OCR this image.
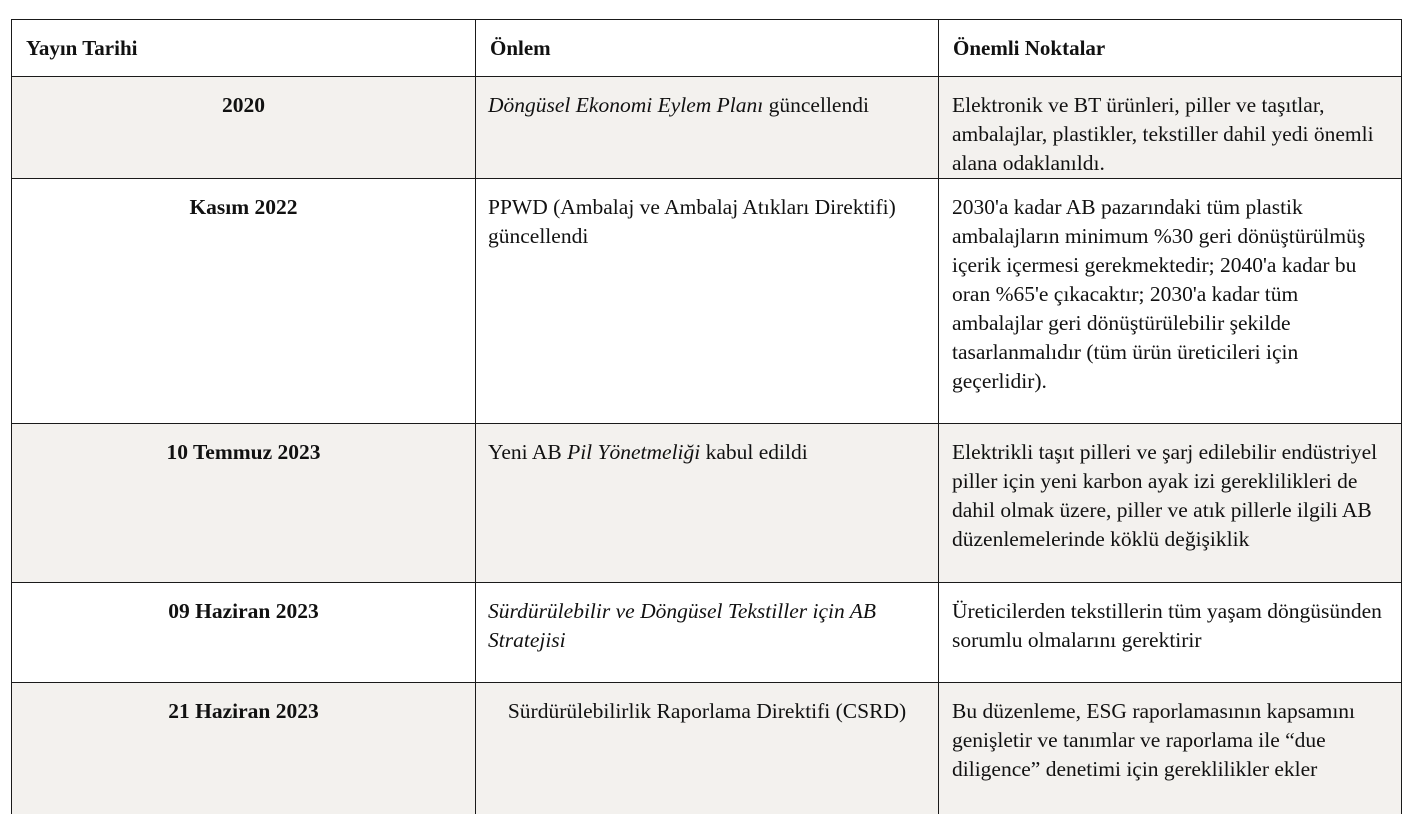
Yayın Tarihi	Önlem	Önemli Noktalar
2020	Döngüsel Ekonomi Eylem Planı güncellendi	Elektronik ve BT ürünleri, piller ve taşıtlar, ambalajlar, plastikler, tekstiller dahil yedi önemli alana odaklanıldı.
Kasım 2022	PPWD (Ambalaj ve Ambalaj Atıkları Direktifi) güncellendi	2030'a kadar AB pazarındaki tüm plastik ambalajların minimum %30 geri dönüştürülmüş içerik içermesi gerekmektedir; 2040'a kadar bu oran %65'e çıkacaktır; 2030'a kadar tüm ambalajlar geri dönüştürülebilir şekilde tasarlanmalıdır (tüm ürün üreticileri için geçerlidir).
10 Temmuz 2023	Yeni AB Pil Yönetmeliği kabul edildi	Elektrikli taşıt pilleri ve şarj edilebilir endüstriyel piller için yeni karbon ayak izi gereklilikleri de dahil olmak üzere, piller ve atık pillerle ilgili AB düzenlemelerinde köklü değişiklik
09 Haziran 2023	Sürdürülebilir ve Döngüsel Tekstiller için AB Stratejisi	Üreticilerden tekstillerin tüm yaşam döngüsünden sorumlu olmalarını gerektirir
21 Haziran 2023	Sürdürülebilirlik Raporlama Direktifi (CSRD)	Bu düzenleme, ESG raporlamasının kapsamını genişletir ve tanımlar ve raporlama ile “due diligence” denetimi için gereklilikler ekler
